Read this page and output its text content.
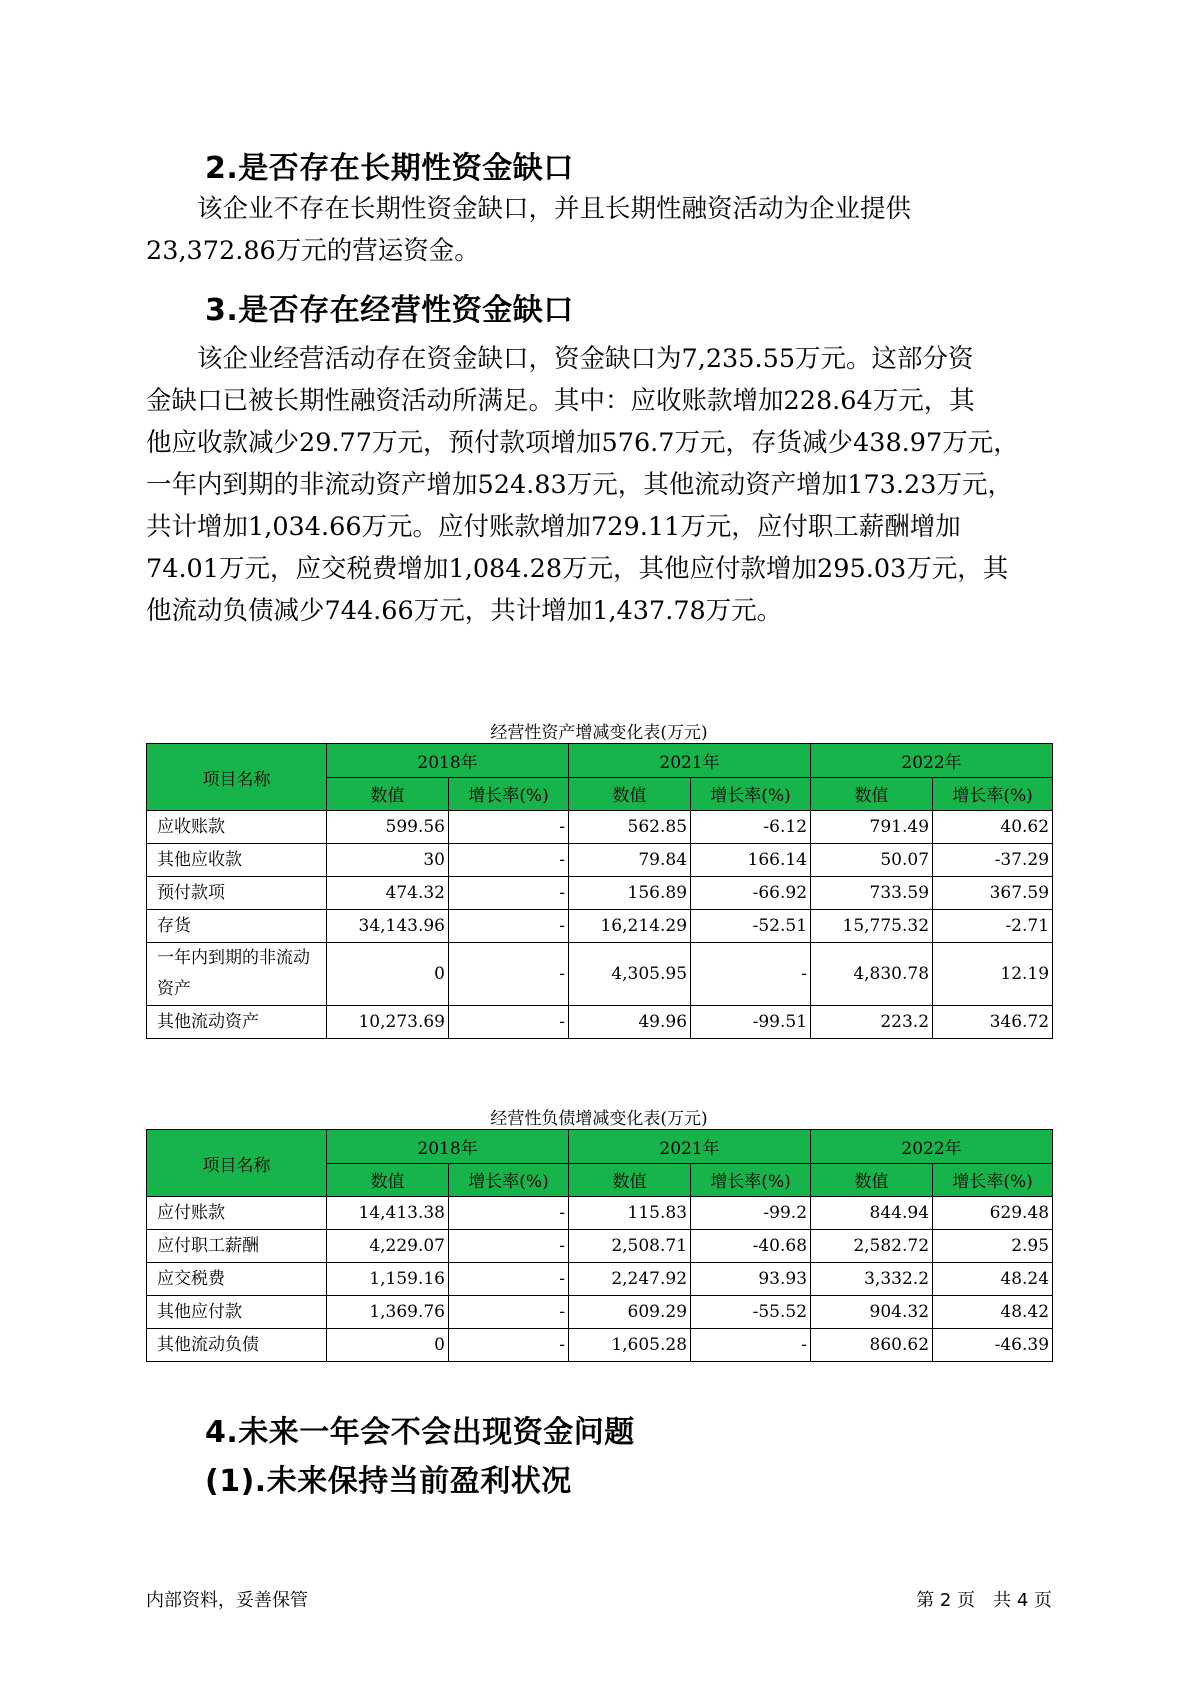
2.是否存在长期性资金缺口
该企业不存在长期性资金缺口，并且长期性融资活动为企业提供
23,372.86万元的营运资金。
3.是否存在经营性资金缺口
该企业经营活动存在资金缺口，资金缺口为7,235.55万元。这部分资
金缺口已被长期性融资活动所满足。其中：应收账款增加228.64万元，其
他应收款减少29.77万元，预付款项增加576.7万元，存货减少438.97万元，
一年内到期的非流动资产增加524.83万元，其他流动资产增加173.23万元，
共计增加1,034.66万元。应付账款增加729.11万元，应付职工薪酬增加
74.01万元，应交税费增加1,084.28万元，其他应付款增加295.03万元，其
他流动负债减少744.66万元，共计增加1,437.78万元。
经营性资产增减变化表(万元)
项目名称	2018年		2021年		2022年	
	数值	增长率(%)	数值	增长率(%)	数值	增长率(%)
应收账款	599.56	-	562.85	-6.12	791.49	40.62
其他应收款	30	-	79.84	166.14	50.07	-37.29
预付款项	474.32	-	156.89	-66.92	733.59	367.59
存货	34,143.96	-	16,214.29	-52.51	15,775.32	-2.71
一年内到期的非流动资产	0	-	4,305.95	-	4,830.78	12.19
其他流动资产	10,273.69	-	49.96	-99.51	223.2	346.72
经营性负债增减变化表(万元)
项目名称	2018年		2021年		2022年	
	数值	增长率(%)	数值	增长率(%)	数值	增长率(%)
应付账款	14,413.38	-	115.83	-99.2	844.94	629.48
应付职工薪酬	4,229.07	-	2,508.71	-40.68	2,582.72	2.95
应交税费	1,159.16	-	2,247.92	93.93	3,332.2	48.24
其他应付款	1,369.76	-	609.29	-55.52	904.32	48.42
其他流动负债	0	-	1,605.28	-	860.62	-46.39
4.未来一年会不会出现资金问题
(1).未来保持当前盈利状况
内部资料，妥善保管	第 2 页　共 4 页
